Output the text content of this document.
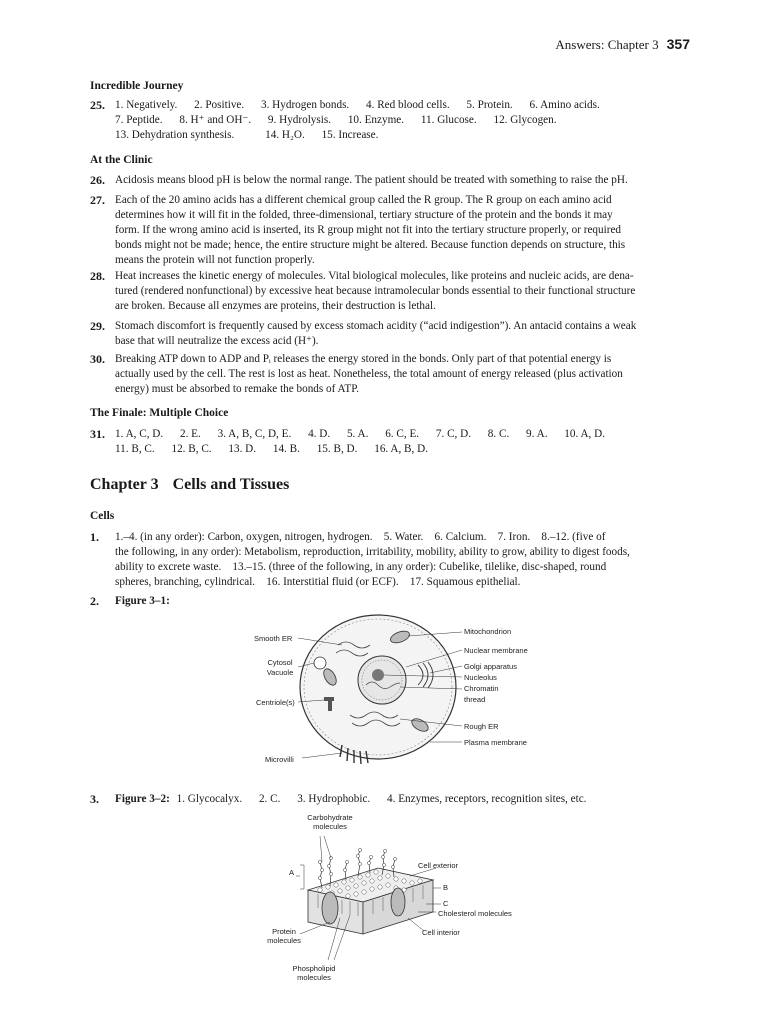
Answers: Chapter 3 357
Incredible Journey
25. 1. Negatively. 2. Positive. 3. Hydrogen bonds. 4. Red blood cells. 5. Protein. 6. Amino acids.
7. Peptide. 8. H⁺ and OH⁻. 9. Hydrolysis. 10. Enzyme. 11. Glucose. 12. Glycogen.
13. Dehydration synthesis.	14. H₂O. 15. Increase.
At the Clinic
26. Acidosis means blood pH is below the normal range. The patient should be treated with something to raise the pH.
27. Each of the 20 amino acids has a different chemical group called the R group. The R group on each amino acid
determines how it will fit in the folded, three-dimensional, tertiary structure of the protein and the bonds it may
form. If the wrong amino acid is inserted, its R group might not fit into the tertiary structure properly, or required
bonds might not be made; hence, the entire structure might be altered. Because function depends on structure, this
means the protein will not function properly.
28. Heat increases the kinetic energy of molecules. Vital biological molecules, like proteins and nucleic acids, are dena-
tured (rendered nonfunctional) by excessive heat because intramolecular bonds essential to their functional structure
are broken. Because all enzymes are proteins, their destruction is lethal.
29. Stomach discomfort is frequently caused by excess stomach acidity (“acid indigestion”). An antacid contains a weak
base that will neutralize the excess acid (H⁺).
30. Breaking ATP down to ADP and Pᵢ releases the energy stored in the bonds. Only part of that potential energy is
actually used by the cell. The rest is lost as heat. Nonetheless, the total amount of energy released (plus activation
energy) must be absorbed to remake the bonds of ATP.
The Finale: Multiple Choice
31. 1. A, C, D. 2. E. 3. A, B, C, D, E. 4. D. 5. A. 6. C, E. 7. C, D. 8. C. 9. A. 10. A, D.
11. B, C. 12. B, C. 13. D. 14. B. 15. B, D. 16. A, B, D.
Chapter 3 Cells and Tissues
Cells
1. 1.–4. (in any order): Carbon, oxygen, nitrogen, hydrogen.    5. Water.    6. Calcium.    7. Iron.    8.–12. (five of
the following, in any order): Metabolism, reproduction, irritability, mobility, ability to grow, ability to digest foods,
ability to excrete waste.    13.–15. (three of the following, in any order): Cubelike, tilelike, disc-shaped, round
spheres, branching, cylindrical.    16. Interstitial fluid (or ECF).    17. Squamous epithelial.
2. Figure 3–1:
Smooth ER
Cytosol
Vacuole
Centriole(s)
Microvilli
Mitochondrion
Nuclear membrane
Golgi apparatus
Nucleolus
Chromatin
thread
Rough ER
Plasma membrane
3. Figure 3–2: 1. Glycocalyx. 2. C. 3. Hydrophobic. 4. Enzymes, receptors, recognition sites, etc.
Carbohydrate
molecules
A
Cell exterior
B
C
Cholesterol molecules
Cell interior
Protein
molecules
Phospholipid
molecules
